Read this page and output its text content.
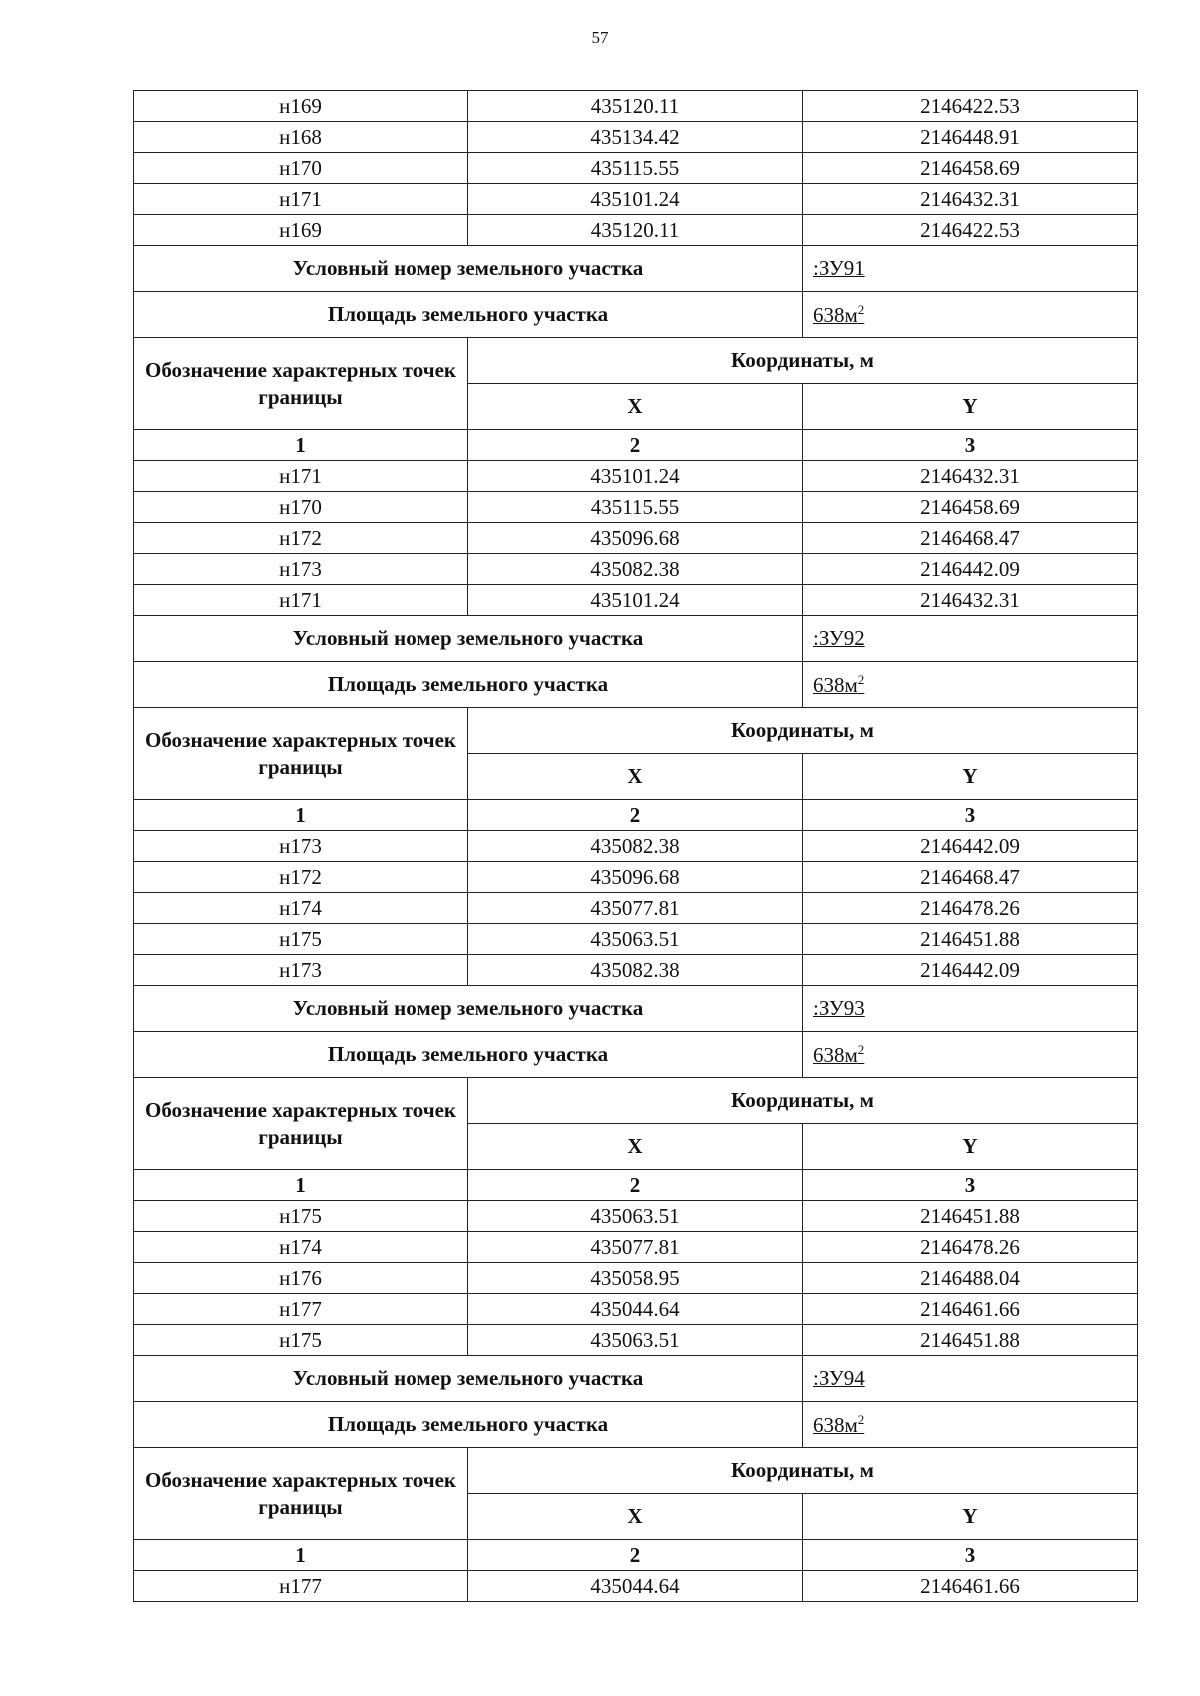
57
н169	435120.11	2146422.53
н168	435134.42	2146448.91
н170	435115.55	2146458.69
н171	435101.24	2146432.31
н169	435120.11	2146422.53
Условный номер земельного участка		:ЗУ91
Площадь земельного участка		$638м^2$
Обозначение характерных точек границы	Координаты, м	
	X	Y
1	2	3
н171	435101.24	2146432.31
н170	435115.55	2146458.69
н172	435096.68	2146468.47
н173	435082.38	2146442.09
н171	435101.24	2146432.31
Условный номер земельного участка		:ЗУ92
Площадь земельного участка		$638м^2$
Обозначение характерных точек границы	Координаты, м	
	X	Y
1	2	3
н173	435082.38	2146442.09
н172	435096.68	2146468.47
н174	435077.81	2146478.26
н175	435063.51	2146451.88
н173	435082.38	2146442.09
Условный номер земельного участка		:ЗУ93
Площадь земельного участка		$638м^2$
Обозначение характерных точек границы	Координаты, м	
	X	Y
1	2	3
н175	435063.51	2146451.88
н174	435077.81	2146478.26
н176	435058.95	2146488.04
н177	435044.64	2146461.66
н175	435063.51	2146451.88
Условный номер земельного участка		:ЗУ94
Площадь земельного участка		$638м^2$
Обозначение характерных точек границы	Координаты, м	
	X	Y
1	2	3
н177	435044.64	2146461.66
